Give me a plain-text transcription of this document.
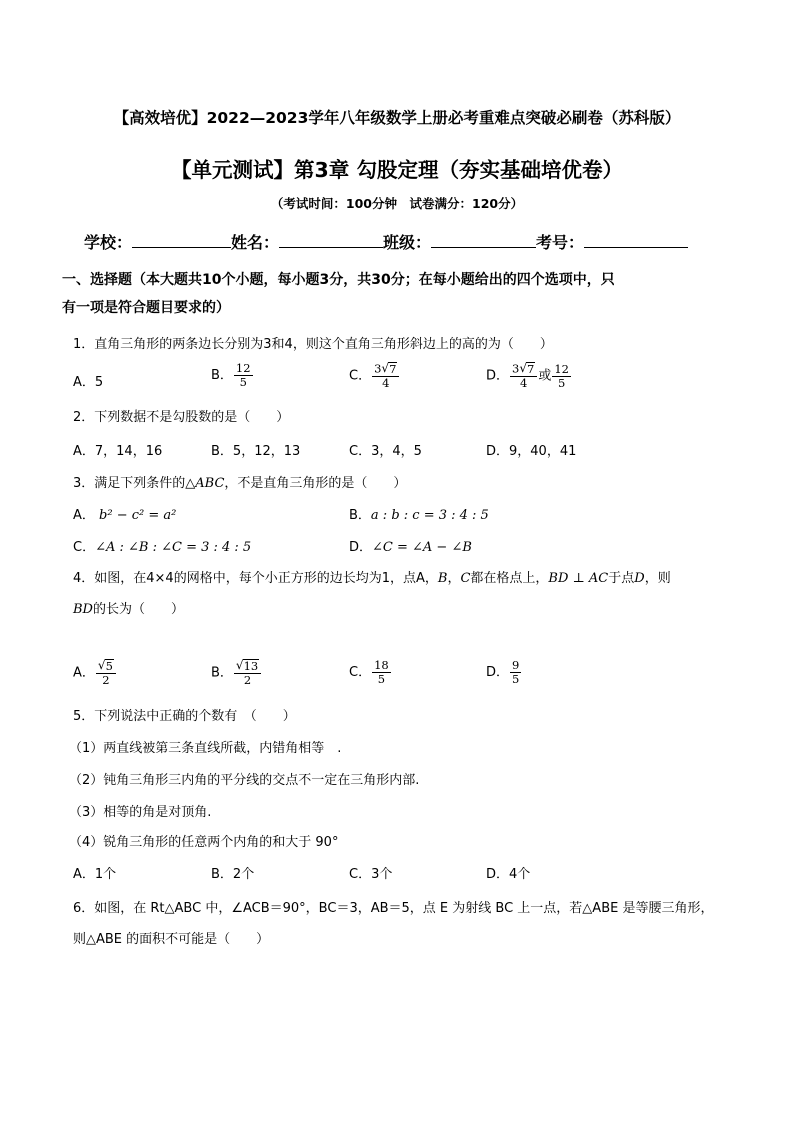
【高效培优】2022—2023学年八年级数学上册必考重难点突破必刷卷（苏科版）
【单元测试】第3章 勾股定理（夯实基础培优卷）
（考试时间：100分钟　试卷满分：120分）
学校：	姓名：	班级：	考号：
一、选择题（本大题共10个小题，每小题3分，共30分；在每小题给出的四个选项中，只
有一项是符合题目要求的）
1．直角三角形的两条边长分别为3和4，则这个直角三角形斜边上的高的为（　　）
A．5	B． $\frac{12}{5}$	C． $\frac{3 √ 7}{4}$	D． $\frac{3 √ 7}{4}$ 或 $\frac{12}{5}$
2．下列数据不是勾股数的是（　　）
A．7，14，16	B．5，12，13	C．3，4，5	D．9，40，41
3．满足下列条件的△ABC，不是直角三角形的是（　　）
A． b² − c² = a²	B．a : b : c = 3 : 4 : 5
C．∠A : ∠B : ∠C = 3 : 4 : 5	D．∠C = ∠A − ∠B
4．如图，在4×4的网格中，每个小正方形的边长均为1，点A，B，C都在格点上，BD ⊥ AC于点D，则
BD的长为（　　）
A． $\frac{√ 5}{2}$	B． $\frac{√ 13}{2}$	C． $\frac{18}{5}$	D． $\frac{9}{5}$
5．下列说法中正确的个数有　（　　）
（1）两直线被第三条直线所截，内错角相等　.
（2）钝角三角形三内角的平分线的交点不一定在三角形内部.
（3）相等的角是对顶角.
（4）锐角三角形的任意两个内角的和大于 90°
A．1个	B．2个	C．3个	D．4个
6．如图，在 Rt△ABC 中，∠ACB＝90°，BC＝3，AB＝5，点 E 为射线 BC 上一点，若△ABE 是等腰三角形，
则△ABE 的面积不可能是（　　）
